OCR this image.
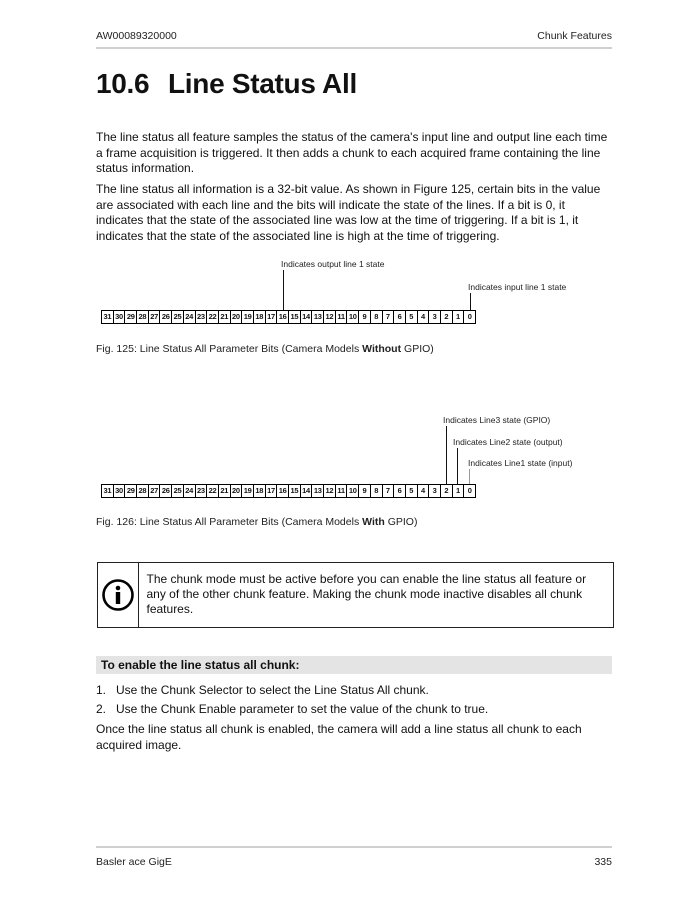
AW00089320000	Chunk Features
10.6 Line Status All
The line status all feature samples the status of the camera's input line and output line each time a frame acquisition is triggered. It then adds a chunk to each acquired frame containing the line status information.
The line status all information is a 32-bit value. As shown in Figure 125, certain bits in the value are associated with each line and the bits will indicate the state of the lines. If a bit is 0, it indicates that the state of the associated line was low at the time of triggering. If a bit is 1, it indicates that the state of the associated line is high at the time of triggering.
Indicates output line 1 state
Indicates input line 1 state
31 30 29 28 27 26 25 24 23 22 21 20 19 18 17 16 15 14 13 12 11 10 9	8	7	6	5	4	3	2	1	0
Fig. 125: Line Status All Parameter Bits (Camera Models Without GPIO)
Indicates Line3 state (GPIO)
Indicates Line2 state (output)
Indicates Line1 state (input)
31 30 29 28 27 26 25 24 23 22 21 20 19 18 17 16 15 14 13 12 11 10 9	8	7	6	5	4	3	2	1	0
Fig. 126: Line Status All Parameter Bits (Camera Models With GPIO)
The chunk mode must be active before you can enable the line status all feature or any of the other chunk feature. Making the chunk mode inactive disables all chunk features.
To enable the line status all chunk:
1. Use the Chunk Selector to select the Line Status All chunk.
2. Use the Chunk Enable parameter to set the value of the chunk to true.
Once the line status all chunk is enabled, the camera will add a line status all chunk to each acquired image.
Basler ace GigE	335
